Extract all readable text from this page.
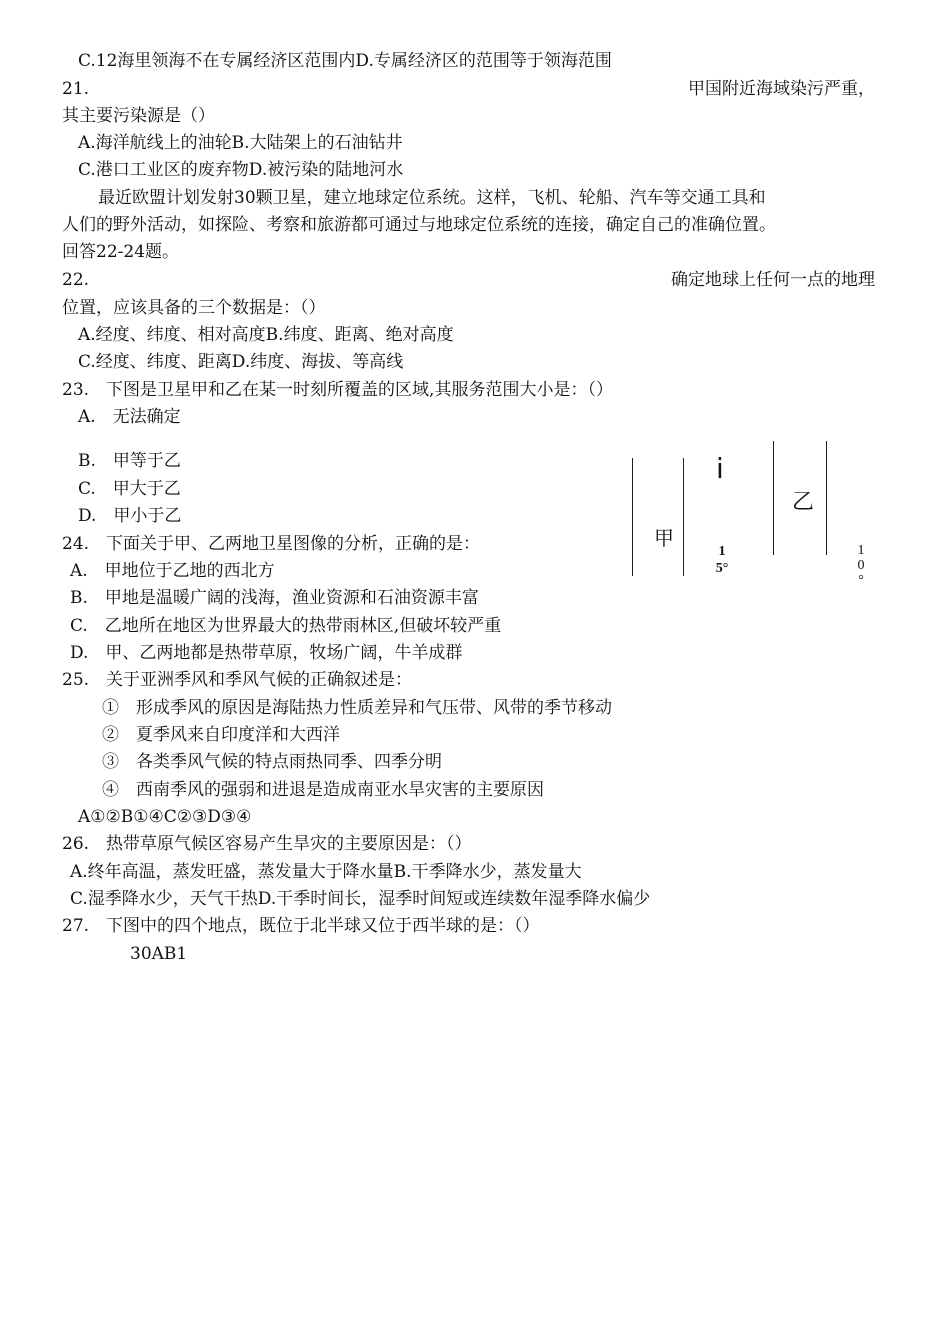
C.12海里领海不在专属经济区范围内D.专属经济区的范围等于领海范围
21.	甲国附近海域染污严重，
其主要污染源是（）
A.海洋航线上的油轮B.大陆架上的石油钻井
C.港口工业区的废弃物D.被污染的陆地河水
最近欧盟计划发射30颗卫星，建立地球定位系统。这样，飞机、轮船、汽车等交通工具和
人们的野外活动，如探险、考察和旅游都可通过与地球定位系统的连接，确定自己的准确位置。
回答22-24题。
22.	确定地球上任何一点的地理
位置，应该具备的三个数据是：（）
A.经度、纬度、相对高度B.纬度、距离、绝对高度
C.经度、纬度、距离D.纬度、海拔、等高线
23.　下图是卫星甲和乙在某一时刻所覆盖的区域,其服务范围大小是：（）
A.　无法确定
B.　甲等于乙
C.　甲大于乙
D.　甲小于乙
甲
i
乙
1
5°
1
0
°
24.　下面关于甲、乙两地卫星图像的分析，正确的是：
A.　甲地位于乙地的西北方
B.　甲地是温暖广阔的浅海，渔业资源和石油资源丰富
C.　乙地所在地区为世界最大的热带雨林区,但破坏较严重
D.　甲、乙两地都是热带草原，牧场广阔，牛羊成群
25.　关于亚洲季风和季风气候的正确叙述是：
①　形成季风的原因是海陆热力性质差异和气压带、风带的季节移动
②　夏季风来自印度洋和大西洋
③　各类季风气候的特点雨热同季、四季分明
④　西南季风的强弱和进退是造成南亚水旱灾害的主要原因
A①②B①④C②③D③④
26.　热带草原气候区容易产生旱灾的主要原因是：（）
A.终年高温，蒸发旺盛，蒸发量大于降水量B.干季降水少，蒸发量大
C.湿季降水少，天气干热D.干季时间长，湿季时间短或连续数年湿季降水偏少
27.　下图中的四个地点，既位于北半球又位于西半球的是：（）
30AB1
